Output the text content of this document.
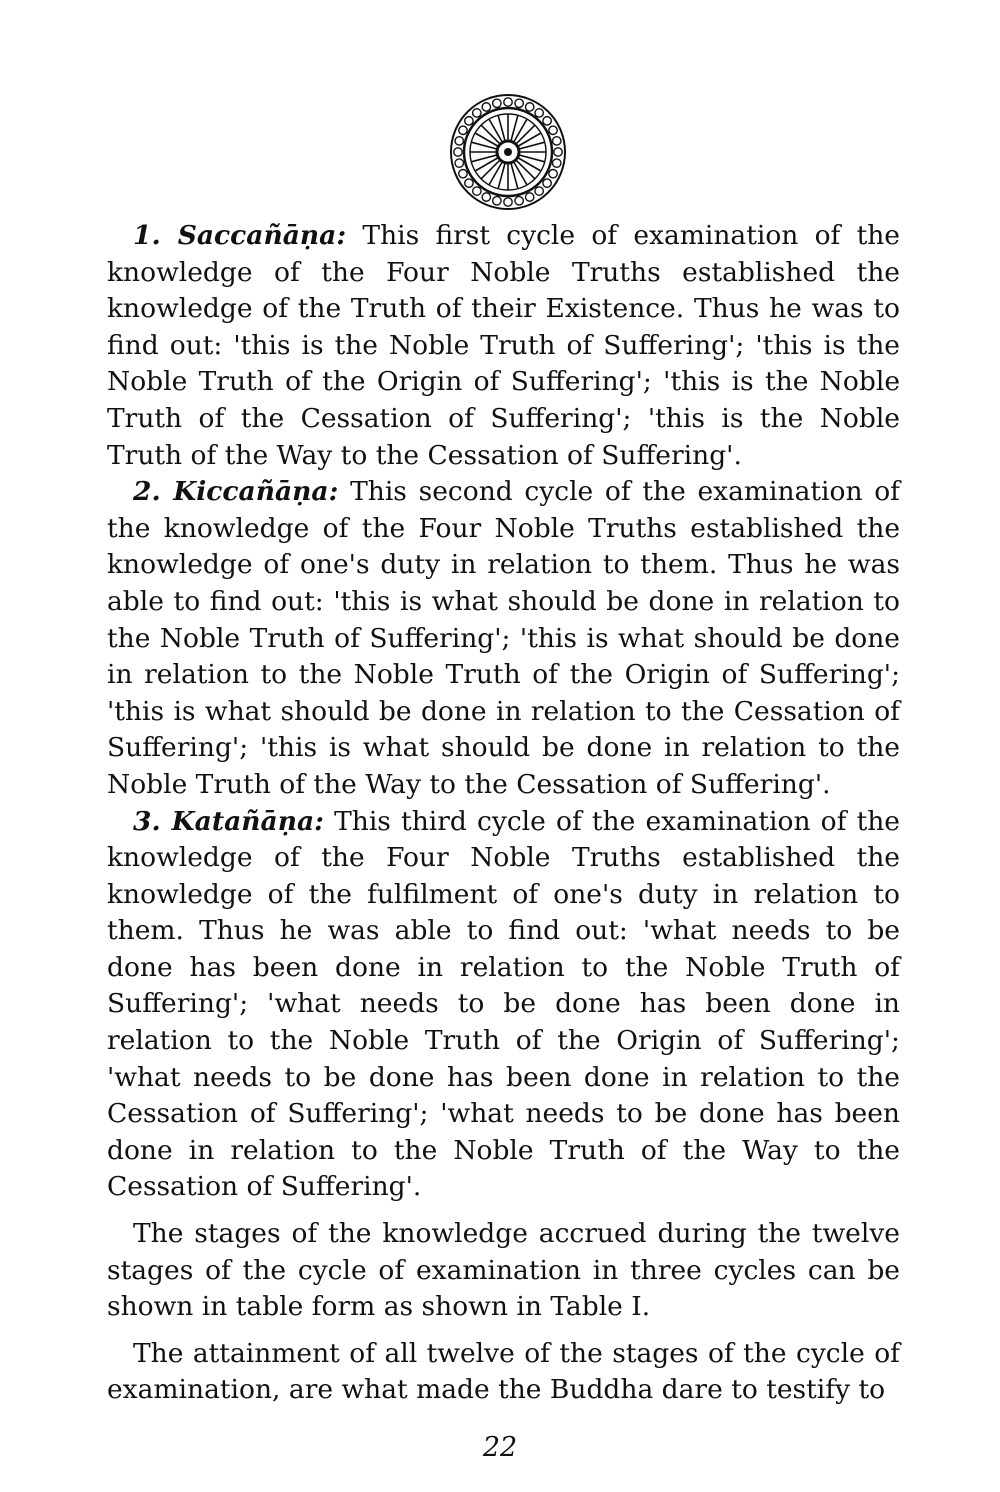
1. Saccañāṇa: This first cycle of examination of the knowledge of the Four Noble Truths established the knowledge of the Truth of their Existence. Thus he was to find out: 'this is the Noble Truth of Suffering'; 'this is the Noble Truth of the Origin of Suffering'; 'this is the Noble Truth of the Cessation of Suffering'; 'this is the Noble Truth of the Way to the Cessation of Suffering'.

2. Kiccañāṇa: This second cycle of the examination of the knowledge of the Four Noble Truths established the knowledge of one's duty in relation to them. Thus he was able to find out: 'this is what should be done in relation to the Noble Truth of Suffering'; 'this is what should be done in relation to the Noble Truth of the Origin of Suffering'; 'this is what should be done in relation to the Cessation of Suffering'; 'this is what should be done in relation to the Noble Truth of the Way to the Cessation of Suffering'.

3. Katañāṇa: This third cycle of the examination of the knowledge of the Four Noble Truths established the knowledge of the fulfilment of one's duty in relation to them. Thus he was able to find out: 'what needs to be done has been done in relation to the Noble Truth of Suffering'; 'what needs to be done has been done in relation to the Noble Truth of the Origin of Suffering'; 'what needs to be done has been done in relation to the Cessation of Suffering'; 'what needs to be done has been done in relation to the Noble Truth of the Way to the Cessation of Suffering'.

The stages of the knowledge accrued during the twelve stages of the cycle of examination in three cycles can be shown in table form as shown in Table I.

The attainment of all twelve of the stages of the cycle of examination, are what made the Buddha dare to testify to

22
